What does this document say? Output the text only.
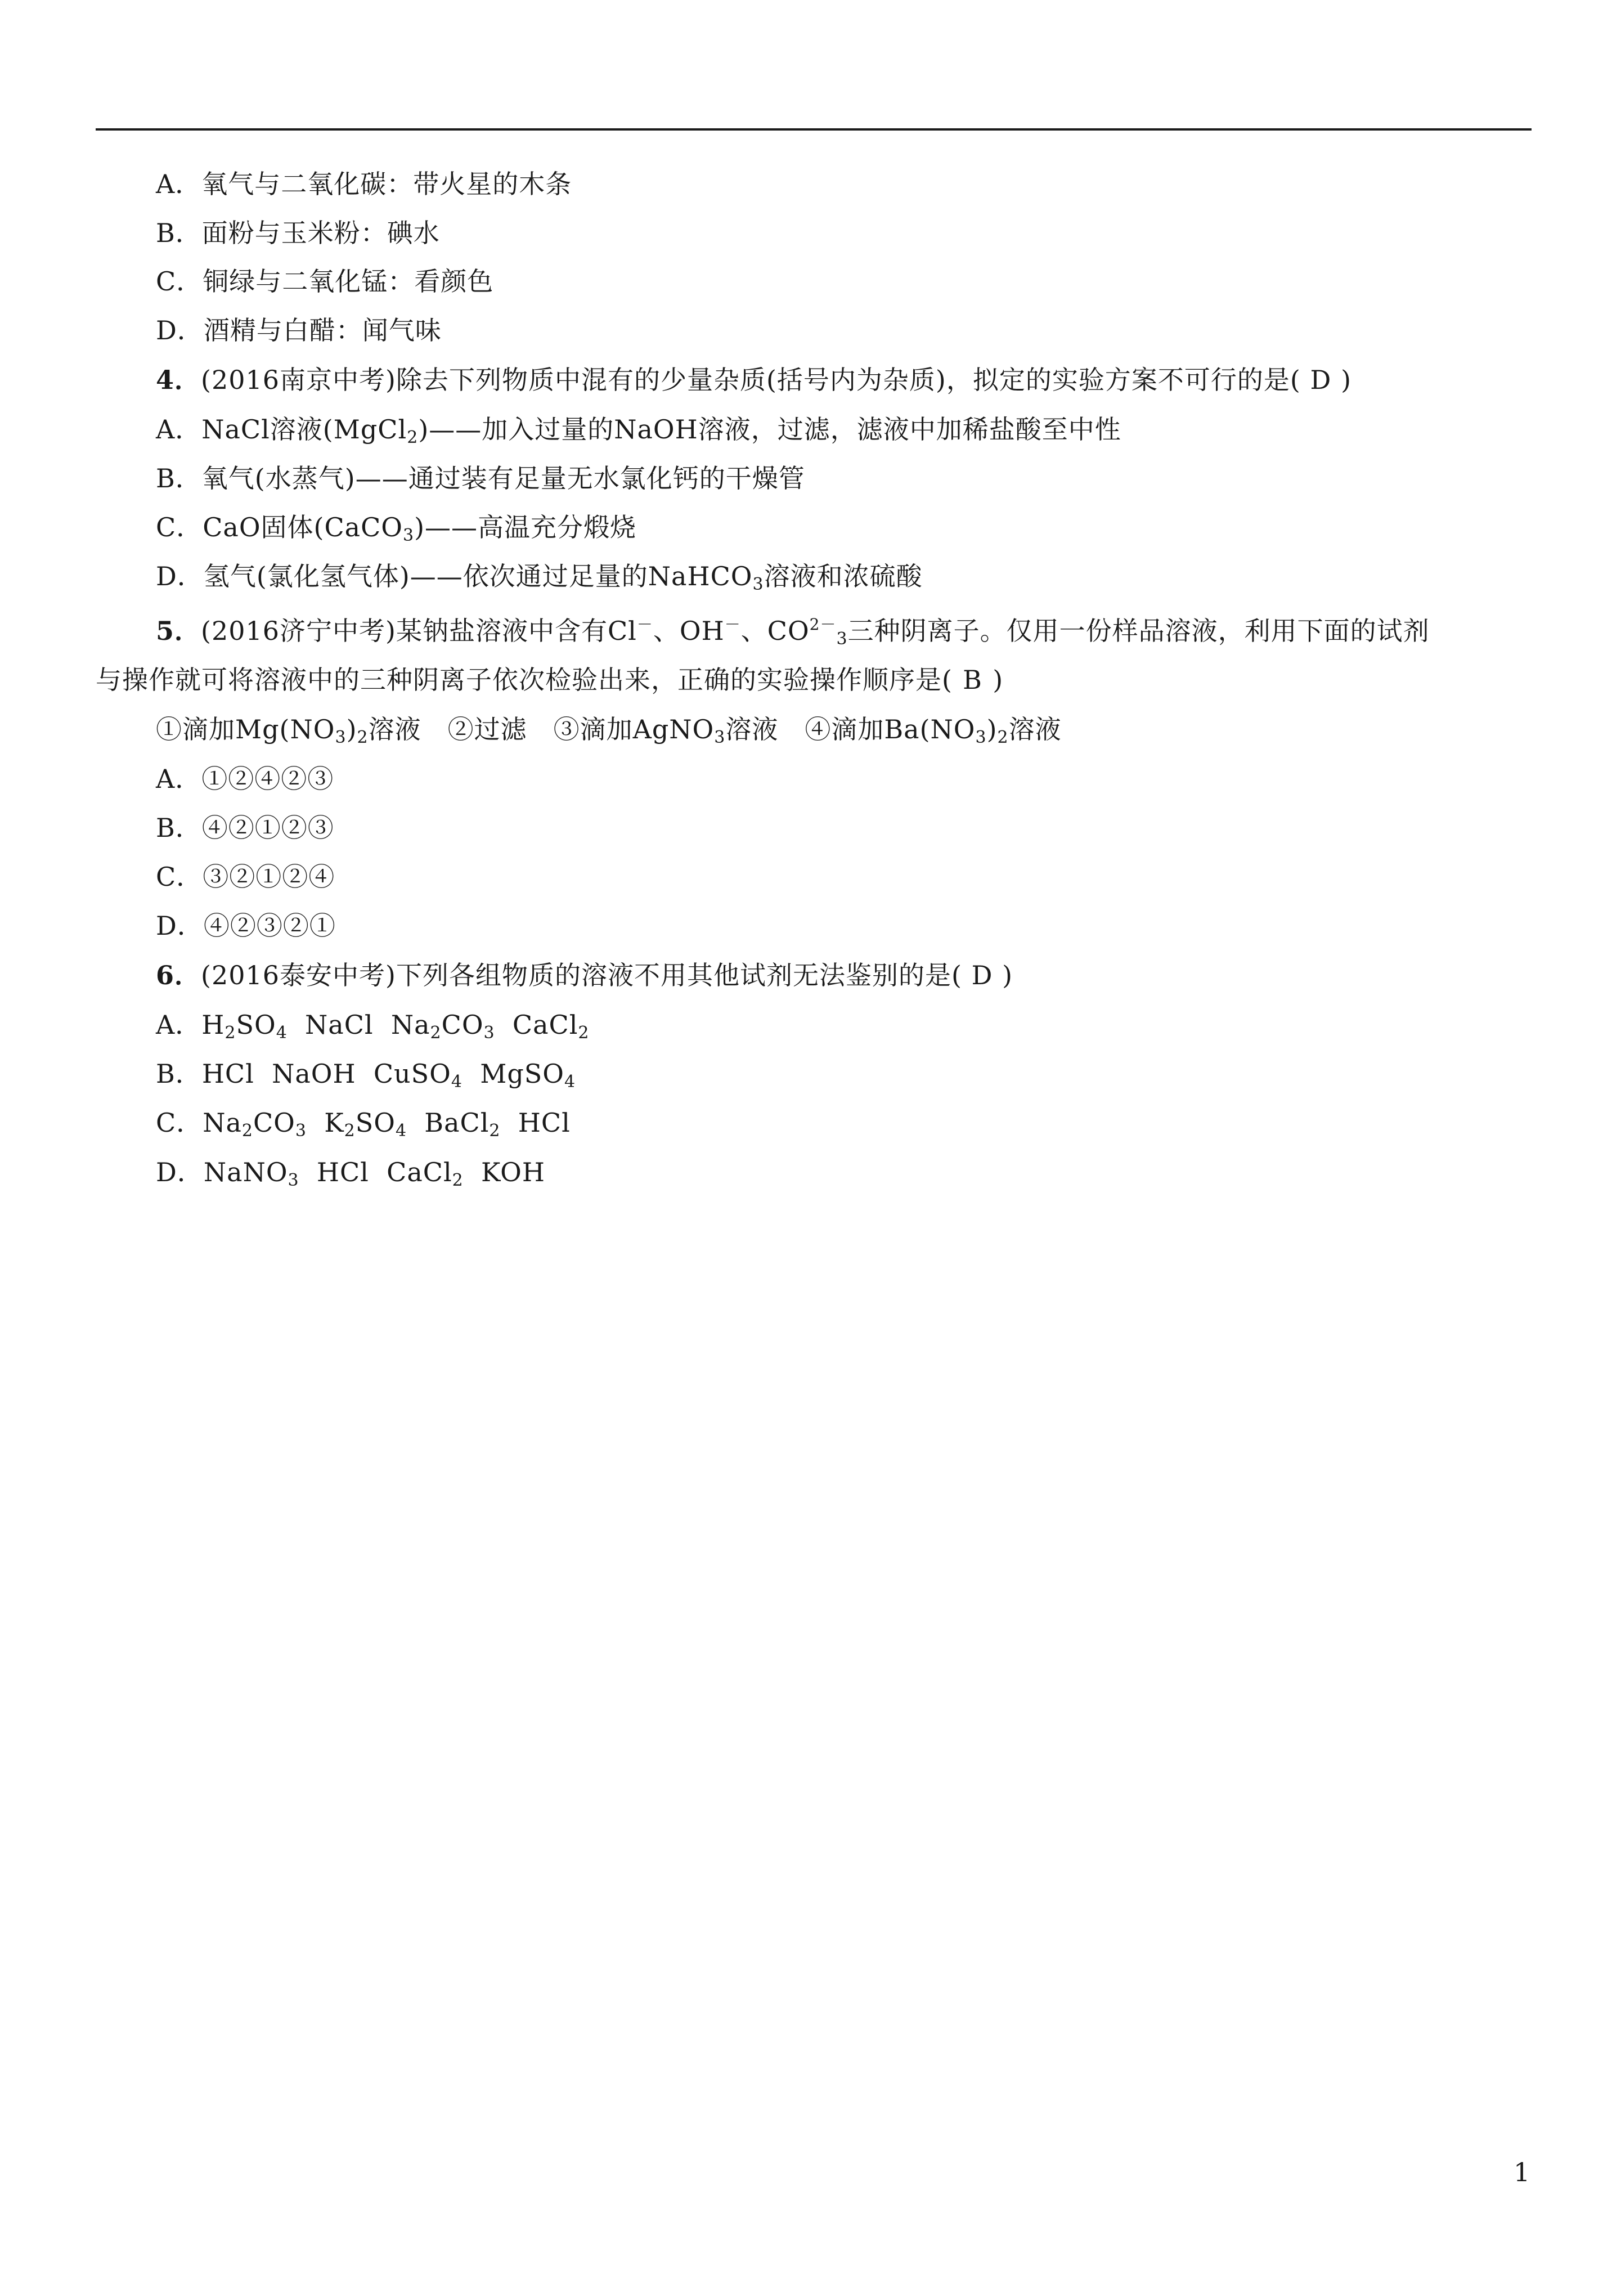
A．氧气与二氧化碳：带火星的木条
B．面粉与玉米粉：碘水
C．铜绿与二氧化锰：看颜色
D．酒精与白醋：闻气味
4．(2016南京中考)除去下列物质中混有的少量杂质(括号内为杂质)，拟定的实验方案不可行的是( D )
A．NaCl溶液(MgCl$_2$)——加入过量的NaOH溶液，过滤，滤液中加稀盐酸至中性
B．氧气(水蒸气)——通过装有足量无水氯化钙的干燥管
C．CaO固体(CaCO$_3$)——高温充分煅烧
D．氢气(氯化氢气体)——依次通过足量的NaHCO$_3$溶液和浓硫酸
5．(2016济宁中考)某钠盐溶液中含有Cl－、OH－、$CO^{2-}_3$三种阴离子。仅用一份样品溶液，利用下面的试剂
与操作就可将溶液中的三种阴离子依次检验出来，正确的实验操作顺序是( B )
①滴加$Mg(NO_3)_2$溶液　②过滤　③滴加AgNO$_3$溶液　④滴加$Ba(NO_3)_2$溶液
A．①②④②③
B．④②①②③
C．③②①②④
D．④②③②①
6．(2016泰安中考)下列各组物质的溶液不用其他试剂无法鉴别的是( D )
A．$H_2SO_4$  NaCl  $Na_2CO_3$  CaCl$_2$
B．HCl  NaOH  CuSO$_4$  MgSO$_4$
C．$Na_2CO_3$  $K_2SO_4$  BaCl$_2$  HCl
D．NaNO$_3$  HCl  CaCl$_2$  KOH
1
